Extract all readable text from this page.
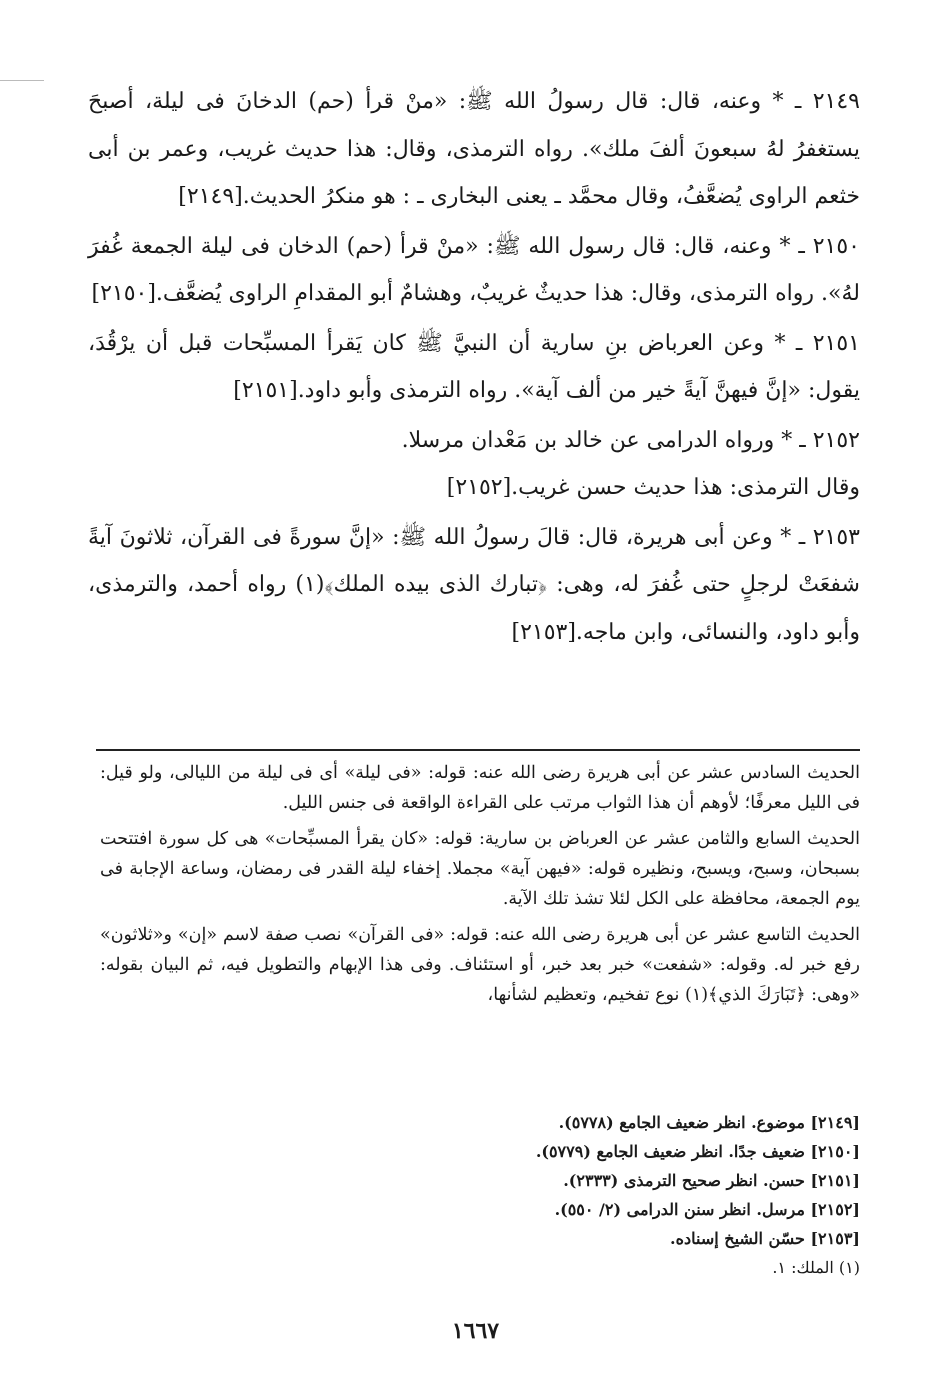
٢١٤٩ ـ * وعنه، قال: قال رسولُ الله ﷺ: «منْ قرأ (حم) الدخانَ فى ليلة، أصبحَ يستغفرُ لهُ سبعونَ ألفَ ملك». رواه الترمذى، وقال: هذا حديث غريب، وعمر بن أبى خثعم الراوى يُضعَّفُ، وقال محمَّد ـ يعنى البخارى ـ : هو منكرُ الحديث.[٢١٤٩]

٢١٥٠ ـ * وعنه، قال: قال رسول الله ﷺ: «منْ قرأ (حم) الدخان فى ليلة الجمعة غُفرَ لهُ». رواه الترمذى، وقال: هذا حديثٌ غريبٌ، وهشامٌ أبو المقدامِ الراوى يُضعَّف.[٢١٥٠]

٢١٥١ ـ * وعن العرباض بنِ سارية أن النبيَّ ﷺ كان يَقرأ المسبِّحات قبل أن يرْقُدَ، يقول: «إنَّ فيهنَّ آيةً خير من ألف آية». رواه الترمذى وأبو داود.[٢١٥١]

٢١٥٢ ـ * ورواه الدرامى عن خالد بن مَعْدان مرسلا.

وقال الترمذى: هذا حديث حسن غريب.[٢١٥٢]

٢١٥٣ ـ * وعن أبى هريرة، قال: قالَ رسولُ الله ﷺ: «إنَّ سورةً فى القرآن، ثلاثونَ آيةً شفعَتْ لرجلٍ حتى غُفرَ له، وهى: ﴿تبارك الذى بيده الملك﴾(١) رواه أحمد، والترمذى، وأبو داود، والنسائى، وابن ماجه.[٢١٥٣]

الحديث السادس عشر عن أبى هريرة رضى الله عنه: قوله: «فى ليلة» أى فى ليلة من الليالى، ولو قيل: فى الليل معرفًا؛ لأوهم أن هذا الثواب مرتب على القراءة الواقعة فى جنس الليل.

الحديث السابع والثامن عشر عن العرباض بن سارية: قوله: «كان يقرأ المسبِّحات» هى كل سورة افتتحت بسبحان، وسبح، ويسبح، ونظيره قوله: «فيهن آية» مجملا. إخفاء ليلة القدر فى رمضان، وساعة الإجابة فى يوم الجمعة، محافظة على الكل لئلا تشذ تلك الآية.

الحديث التاسع عشر عن أبى هريرة رضى الله عنه: قوله: «فى القرآن» نصب صفة لاسم «إن» و«ثلاثون» رفع خبر له. وقوله: «شفعت» خبر بعد خبر، أو استئناف. وفى هذا الإبهام والتطويل فيه، ثم البيان بقوله: «وهى: ﴿تَبَارَكَ الذي﴾(١) نوع تفخيم، وتعظيم لشأنها،

[٢١٤٩] موضوع. انظر ضعيف الجامع (٥٧٧٨).

[٢١٥٠] ضعيف جدًا. انظر ضعيف الجامع (٥٧٧٩).

[٢١٥١] حسن. انظر صحيح الترمذى (٢٣٣٣).

[٢١٥٢] مرسل. انظر سنن الدرامى (٢/ ٥٥٠).

[٢١٥٣] حسّن الشيخ إسناده.

(١) الملك: ١.

١٦٦٧
